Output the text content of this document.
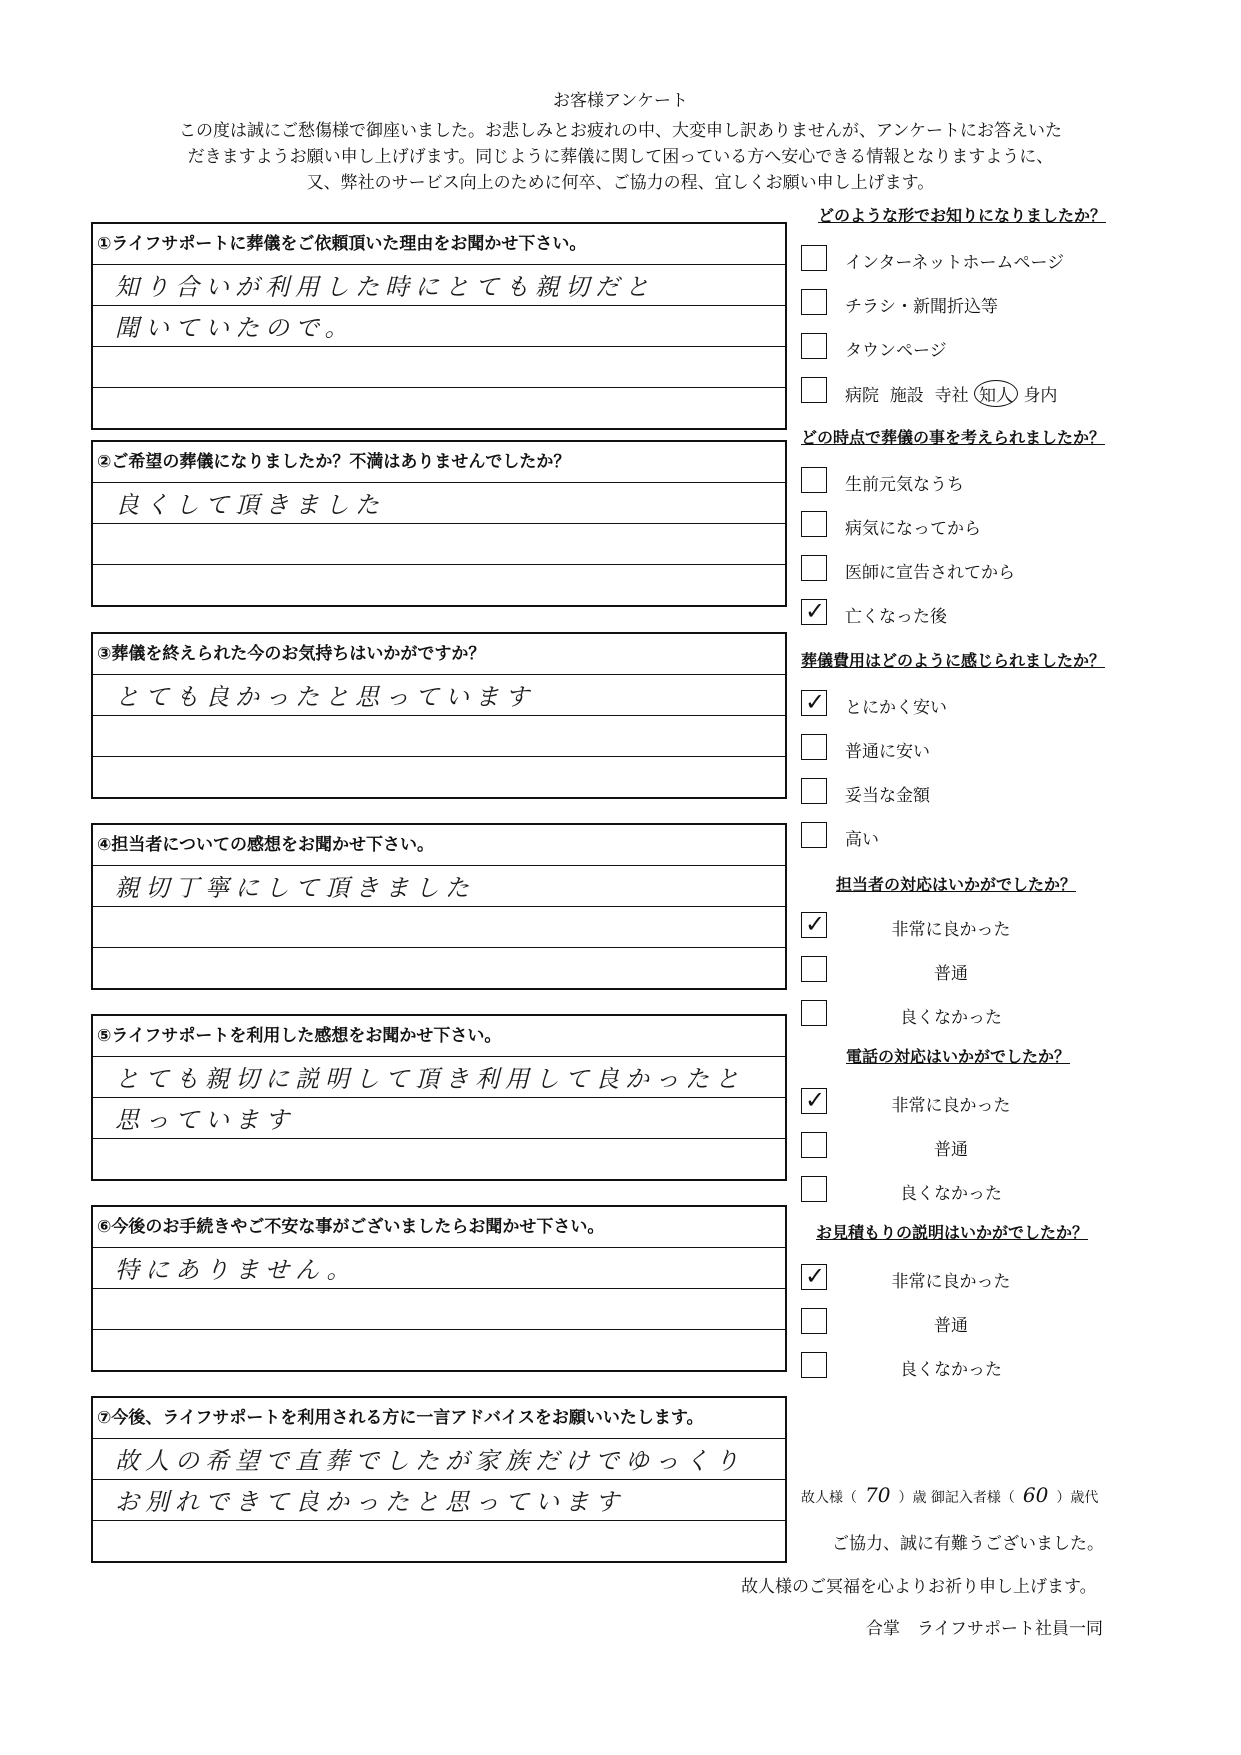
お客様アンケート
この度は誠にご愁傷様で御座いました。お悲しみとお疲れの中、大変申し訳ありませんが、アンケートにお答えいた
だきますようお願い申し上げげます。同じように葬儀に関して困っている方へ安心できる情報となりますように、
又、弊社のサービス向上のために何卒、ご協力の程、宜しくお願い申し上げます。
①ライフサポートに葬儀をご依頼頂いた理由をお聞かせ下さい。
知り合いが利用した時にとても親切だと
聞いていたので。
②ご希望の葬儀になりましたか？不満はありませんでしたか？
良くして頂きました
③葬儀を終えられた今のお気持ちはいかがですか？
とても良かったと思っています
④担当者についての感想をお聞かせ下さい。
親切丁寧にして頂きました
⑤ライフサポートを利用した感想をお聞かせ下さい。
とても親切に説明して頂き利用して良かったと
思っています
⑥今後のお手続きやご不安な事がございましたらお聞かせ下さい。
特にありません。
⑦今後、ライフサポートを利用される方に一言アドバイスをお願いいたします。
故人の希望で直葬でしたが家族だけでゆっくり
お別れできて良かったと思っています
どのような形でお知りになりましたか？
インターネットホームページ
チラシ・新聞折込等
タウンページ
病院 施設 寺社 知人 身内
どの時点で葬儀の事を考えられましたか？
生前元気なうち
病気になってから
医師に宣告されてから
✓ 亡くなった後
葬儀費用はどのように感じられましたか？
✓ とにかく安い
普通に安い
妥当な金額
高い
担当者の対応はいかがでしたか？
✓	非常に良かった
普通
良くなかった
電話の対応はいかがでしたか？
✓	非常に良かった
普通
良くなかった
お見積もりの説明はいかがでしたか？
✓	非常に良かった
普通
良くなかった
故人様（ 70 ）歳 御記入者様（ 60 ）歳代
ご協力、誠に有難うございました。
故人様のご冥福を心よりお祈り申し上げます。
合掌　ライフサポート社員一同
